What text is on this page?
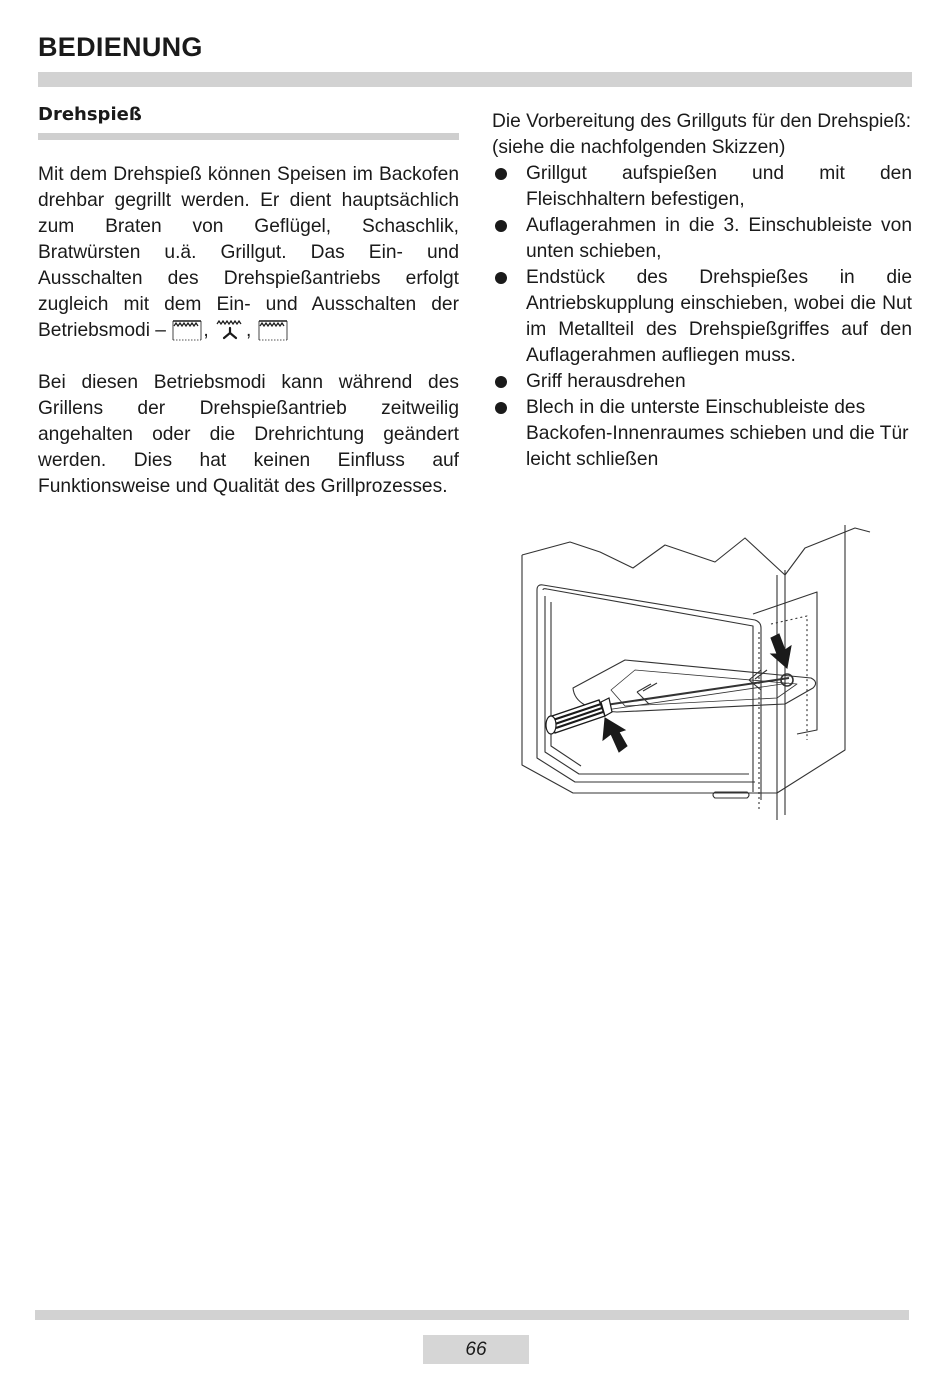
BEDIENUNG
Drehspieß

Mit dem Drehspieß können Speisen im Backofen drehbar gegrillt werden. Er dient hauptsächlich zum Braten von Geflügel, Schaschlik, Bratwürsten u.ä. Grillgut. Das Ein- und Ausschalten des Drehspießantriebs erfolgt zugleich mit dem Ein- und Ausschalten der Betriebsmodi – , ,

Bei diesen Betriebsmodi kann während des Grillens der Drehspießantrieb zeitweilig angehalten oder die Drehrichtung geändert werden. Dies hat keinen Einfluss auf Funktionsweise und Qualität des Grillprozesses.

Die Vorbereitung des Grillguts für den Drehspieß:

(siehe die nachfolgenden Skizzen)

Grillgut aufspießen und mit den Fleischhaltern befestigen,
Auflagerahmen in die 3. Einschubleiste von unten schieben,
Endstück des Drehspießes in die Antriebskupplung einschieben, wobei die Nut im Metallteil des Drehspießgriffes auf den Auflagerahmen aufliegen muss.
Griff herausdrehen
Blech in die unterste Einschubleiste des Backofen-Innenraumes schieben und die Tür leicht schließen
66
